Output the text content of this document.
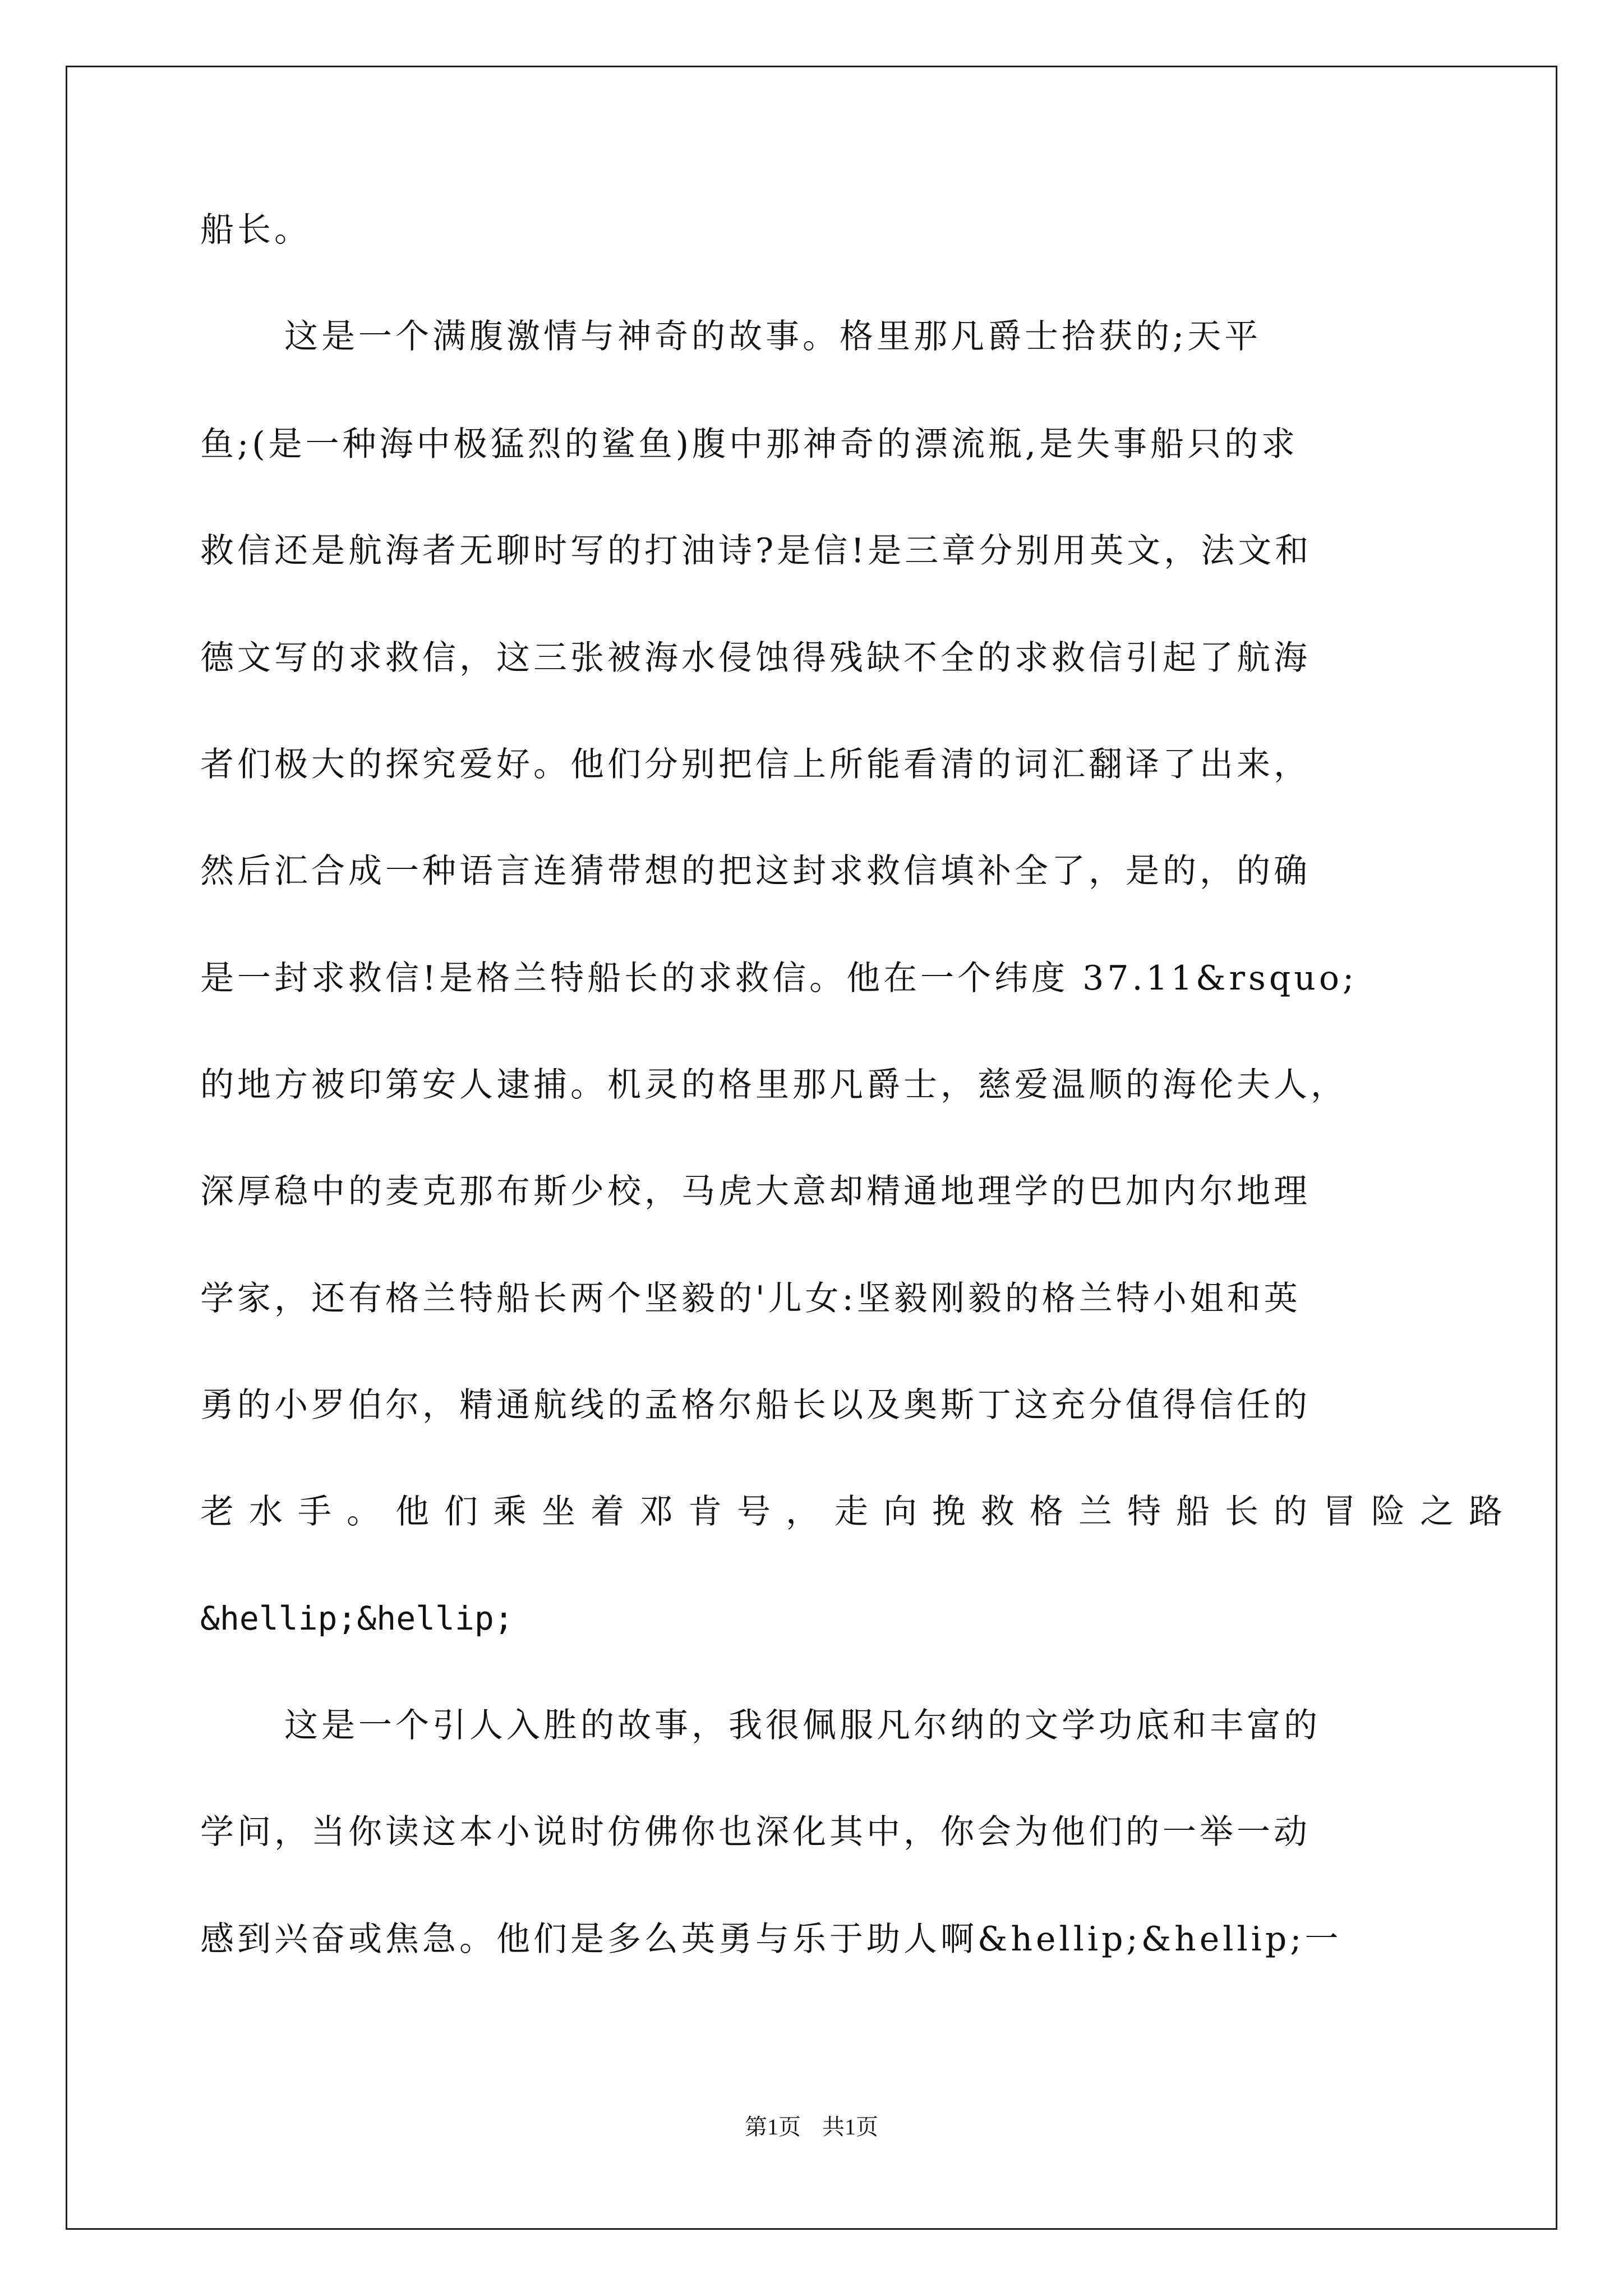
船长。
这是一个满腹激情与神奇的故事。格里那凡爵士拾获的;天平
鱼;(是一种海中极猛烈的鲨鱼)腹中那神奇的漂流瓶,是失事船只的求
救信还是航海者无聊时写的打油诗?是信!是三章分别用英文，法文和
德文写的求救信，这三张被海水侵蚀得残缺不全的求救信引起了航海
者们极大的探究爱好。他们分别把信上所能看清的词汇翻译了出来，
然后汇合成一种语言连猜带想的把这封求救信填补全了，是的，的确
是一封求救信!是格兰特船长的求救信。他在一个纬度 37.11&rsquo;
的地方被印第安人逮捕。机灵的格里那凡爵士，慈爱温顺的海伦夫人，
深厚稳中的麦克那布斯少校，马虎大意却精通地理学的巴加内尔地理
学家，还有格兰特船长两个坚毅的'儿女:坚毅刚毅的格兰特小姐和英
勇的小罗伯尔，精通航线的孟格尔船长以及奥斯丁这充分值得信任的
老水手。他们乘坐着邓肯号，走向挽救格兰特船长的冒险之路
&hellip;&hellip;
这是一个引人入胜的故事，我很佩服凡尔纳的文学功底和丰富的
学问，当你读这本小说时仿佛你也深化其中，你会为他们的一举一动
感到兴奋或焦急。他们是多么英勇与乐于助人啊&hellip;&hellip;一
第1页 共1页
